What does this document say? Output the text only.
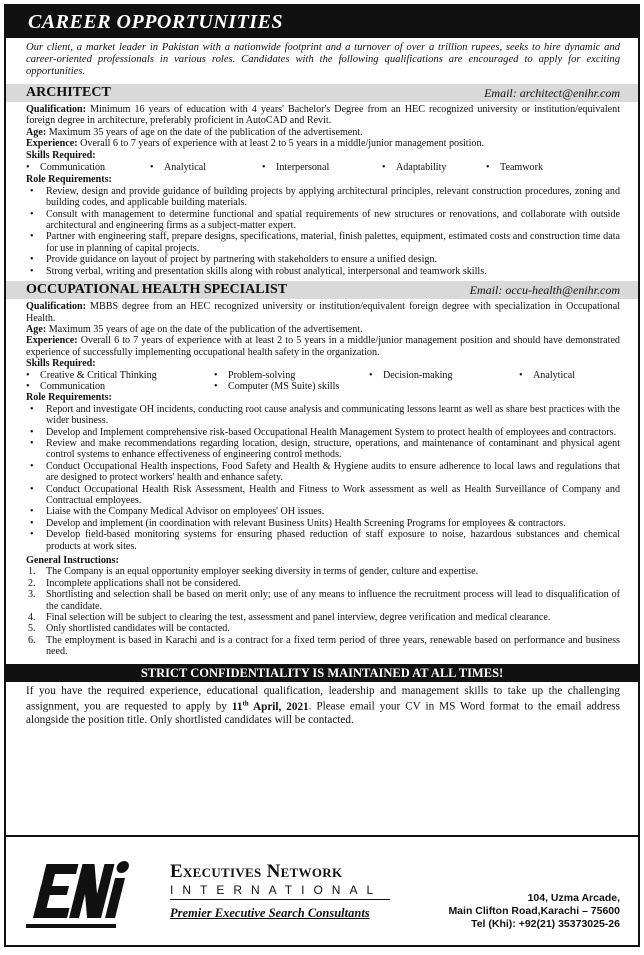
CAREER OPPORTUNITIES
Our client, a market leader in Pakistan with a nationwide footprint and a turnover of over a trillion rupees, seeks to hire dynamic and career-oriented professionals in various roles. Candidates with the following qualifications are encouraged to apply for exciting opportunities.
ARCHITECT	Email: architect@enihr.com

Qualification: Minimum 16 years of education with 4 years' Bachelor's Degree from an HEC recognized university or institution/equivalent foreign degree in architecture, preferably proficient in AutoCAD and Revit.

Age: Maximum 35 years of age on the date of the publication of the advertisement.

Experience: Overall 6 to 7 years of experience with at least 2 to 5 years in a middle/junior management position.

Skills Required:

• Communication	• Analytical	• Interpersonal	• Adaptability	• Teamwork

Role Requirements:

• Review, design and provide guidance of building projects by applying architectural principles, relevant construction procedures, zoning and building codes, and applicable building materials.
• Consult with management to determine functional and spatial requirements of new structures or renovations, and collaborate with outside architectural and engineering firms as a subject-matter expert.
• Partner with engineering staff, prepare designs, specifications, material, finish palettes, equipment, estimated costs and construction time data for use in planning of capital projects.
• Provide guidance on layout of project by partnering with stakeholders to ensure a unified design.
• Strong verbal, writing and presentation skills along with robust analytical, interpersonal and teamwork skills.
OCCUPATIONAL HEALTH SPECIALIST	Email: occu-health@enihr.com

Qualification: MBBS degree from an HEC recognized university or institution/equivalent foreign degree with specialization in Occupational Health.

Age: Maximum 35 years of age on the date of the publication of the advertisement.

Experience: Overall 6 to 7 years of experience with at least 2 to 5 years in a middle/junior management position and should have demonstrated experience of successfully implementing occupational health safety in the organization.

Skills Required:

• Creative & Critical Thinking	• Problem-solving	• Decision-making	• Analytical
• Communication	• Computer (MS Suite) skills

Role Requirements:

• Report and investigate OH incidents, conducting root cause analysis and communicating lessons learnt as well as share best practices with the wider business.
• Develop and Implement comprehensive risk-based Occupational Health Management System to protect health of employees and contractors.
• Review and make recommendations regarding location, design, structure, operations, and maintenance of contaminant and physical agent control systems to enhance effectiveness of engineering control methods.
• Conduct Occupational Health inspections, Food Safety and Health & Hygiene audits to ensure adherence to local laws and regulations that are designed to protect workers' health and enhance safety.
• Conduct Occupational Health Risk Assessment, Health and Fitness to Work assessment as well as Health Surveillance of Company and Contractual employees.
• Liaise with the Company Medical Advisor on employees' OH issues.
• Develop and implement (in coordination with relevant Business Units) Health Screening Programs for employees & contractors.
• Develop field-based monitoring systems for ensuring phased reduction of staff exposure to noise, hazardous substances and chemical products at work sites.

General Instructions:

1. The Company is an equal opportunity employer seeking diversity in terms of gender, culture and expertise.
2. Incomplete applications shall not be considered.
3. Shortlisting and selection shall be based on merit only; use of any means to influence the recruitment process will lead to disqualification of the candidate.
4. Final selection will be subject to clearing the test, assessment and panel interview, degree verification and medical clearance.
5. Only shortlisted candidates will be contacted.
6. The employment is based in Karachi and is a contract for a fixed term period of three years, renewable based on performance and business need.
STRICT CONFIDENTIALITY IS MAINTAINED AT ALL TIMES!
If you have the required experience, educational qualification, leadership and management skills to take up the challenging assignment, you are requested to apply by 11th April, 2021. Please email your CV in MS Word format to the email address alongside the position title. Only shortlisted candidates will be contacted.
Executives Network
INTERNATIONAL
Premier Executive Search Consultants
104, Uzma Arcade,
Main Clifton Road,Karachi – 75600
Tel (Khi): +92(21) 35373025-26
